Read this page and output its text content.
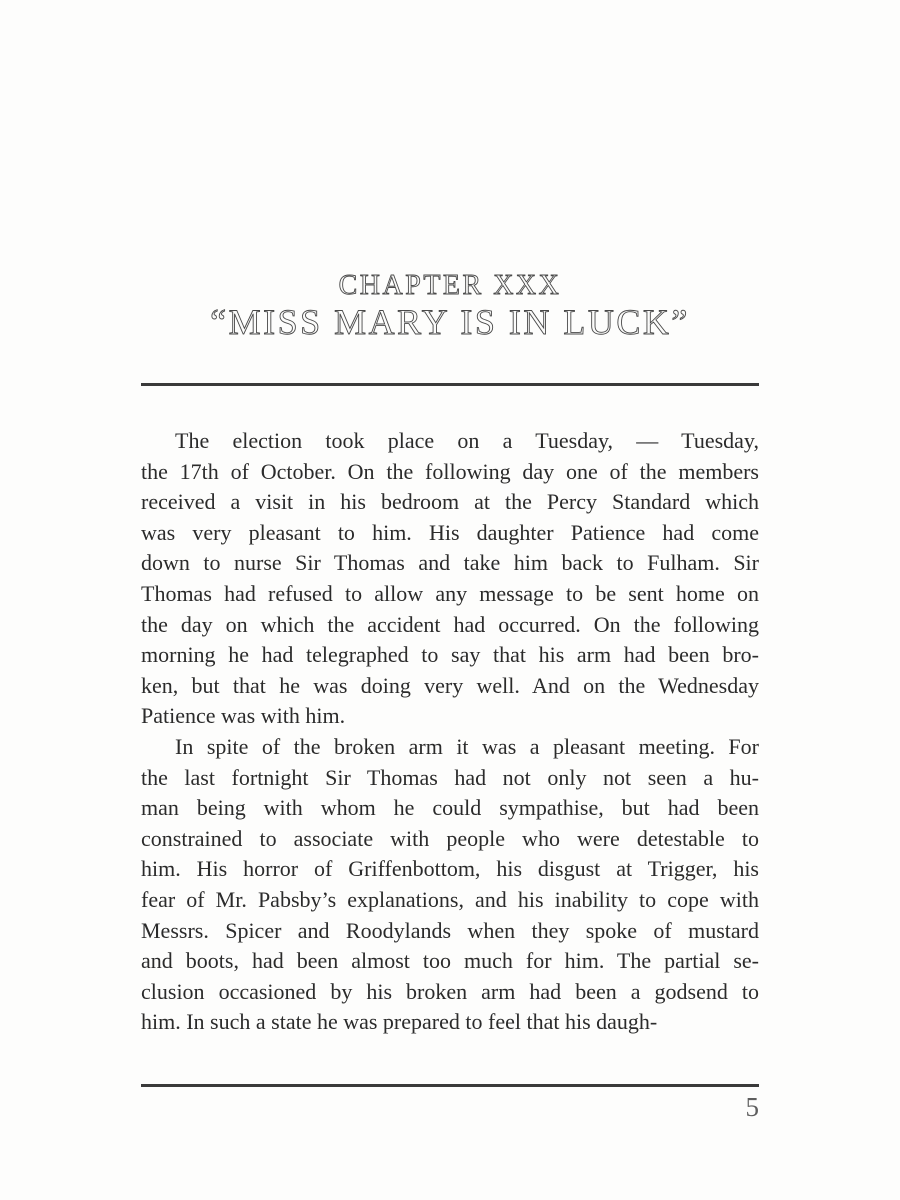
CHAPTER XXX
“MISS MARY IS IN LUCK”
The election took place on a Tuesday, — Tuesday,
the 17th of October. On the following day one of the members
received a visit in his bedroom at the Percy Standard which
was very pleasant to him. His daughter Patience had come
down to nurse Sir Thomas and take him back to Fulham. Sir
Thomas had refused to allow any message to be sent home on
the day on which the accident had occurred. On the following
morning he had telegraphed to say that his arm had been bro-
ken, but that he was doing very well. And on the Wednesday
Patience was with him.
In spite of the broken arm it was a pleasant meeting. For
the last fortnight Sir Thomas had not only not seen a hu-
man being with whom he could sympathise, but had been
constrained to associate with people who were detestable to
him. His horror of Griffenbottom, his disgust at Trigger, his
fear of Mr. Pabsby’s explanations, and his inability to cope with
Messrs. Spicer and Roodylands when they spoke of mustard
and boots, had been almost too much for him. The partial se-
clusion occasioned by his broken arm had been a godsend to
him. In such a state he was prepared to feel that his daugh-
5
